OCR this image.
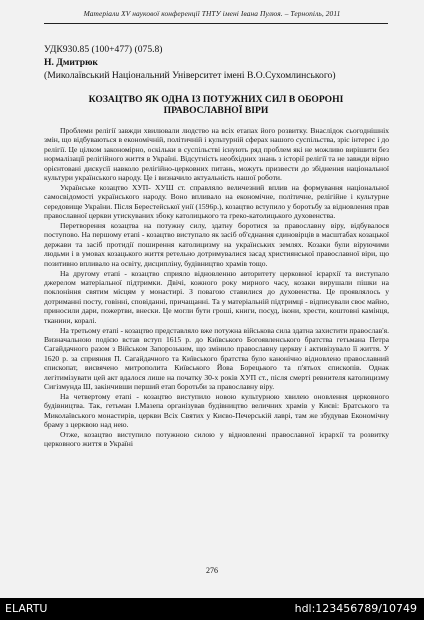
Матеріали XV наукової конференції ТНТУ імені Івана Пулюя. – Тернопіль, 2011
УДК930.85 (100+477) (075.8)
Н. Дмитрюк
(Миколаївський Національний Університет імені В.О.Сухомлинського)
КОЗАЦТВО ЯК ОДНА ІЗ ПОТУЖНИХ СИЛ В ОБОРОНІ
ПРАВОСЛАВНОЇ ВІРИ

Проблеми релігії завжди хвилювали людство на всіх етапах його розвитку. Внаслідок сьогоднішніх змін, що відбуваються в економічній, політичній і культурній сферах нашого суспільства, зріс інтерес і до релігії. Це цілком закономірно, оскільки в суспільстві існують ряд проблем які не можливо вирішити без нормалізації релігійного життя в Україні. Відсутність необхідних знань з історії релігії та не завжди вірно орієнтовані дискусії навколо релігійно-церковних питань, можуть призвести до збіднення національної культури українського народу. Це і визначило актуальність нашої роботи.

Українське козацтво ХУП- ХУШ ст. справляло величезний вплив на формування національної самосвідомості українського народу. Воно впливало на економічне, політичне, релігійне і культурне середовище України. Після Берестейської унії (1596р.), козацтво вступило у боротьбу за відновлення прав православної церкви утискуваних збоку католицького та греко-католицького духовенства.

Перетворення козацтва на потужну силу, здатну боротися за православну віру, відбувалося поступово. На першому етапі - козацтво виступало як засіб об'єднання єдиновірців в масштабах козацької держави та засіб протидії поширення католицизму на українських землях. Козаки були віруючими людьми і в умовах козацького життя ретельно дотримувалися засад християнської православної віри, що позитивно впливало на освіту, дисципліну, будівництво храмів тощо.

На другому етапі - козацтво сприяло відновленню авторитету церковної ієрархії та виступало джерелом матеріальної підтримки. Двічі, кожного року мирного часу, козаки вирушали пішки на поклоніння святим місцям у монастирі. З повагою ставилися до духовенства. Це проявлялось у дотриманні посту, говінні, сповіданні, причащанні. Та у матеріальній підтримці - відписували своє майно, приносили дари, пожертви, внески. Це могли бути гроші, книги, посуд, ікони, хрести, коштовні камінця, тканини, коралі.

На третьому етапі - козацтво представляло вже потужна військова сила здатна захистити православ'я. Визначальною подією встав вступ 1615 р. до Київського Богоявленського братства гетьмана Петра Сагайдачного разом з Військом Запорозьким, що змінило православну церкву і активізувало її життя. У 1620 р. за сприяння П. Сагайдачного та Київського братства було канонічно відновлено православний єпископат, висвячено митрополита Київського Йова Борецького та п'ятьох єпископів. Однак легітимізувати цей акт вдалося лише на початку 30-х років ХУП ст., після смерті ревнителя католицизму Сигізмунда Ш, закінчивши перший етап боротьби за православну віру.

На четвертому етапі - козацтво виступило новою культурною хвилею оновлення церковного будівництва. Так, гетьман І.Мазепа організував будівництво величних храмів у Києві: Братського та Миколаївського монастирів, церкви Всіх Святих у Києво-Печерській лаврі, там же збудував Економічну браму з церквою над нею.

Отже, козацтво виступило потужною силою у відновленні православної ієрархії та розвитку церковного життя в Україні

276
ELARTU	hdl:123456789/10749
